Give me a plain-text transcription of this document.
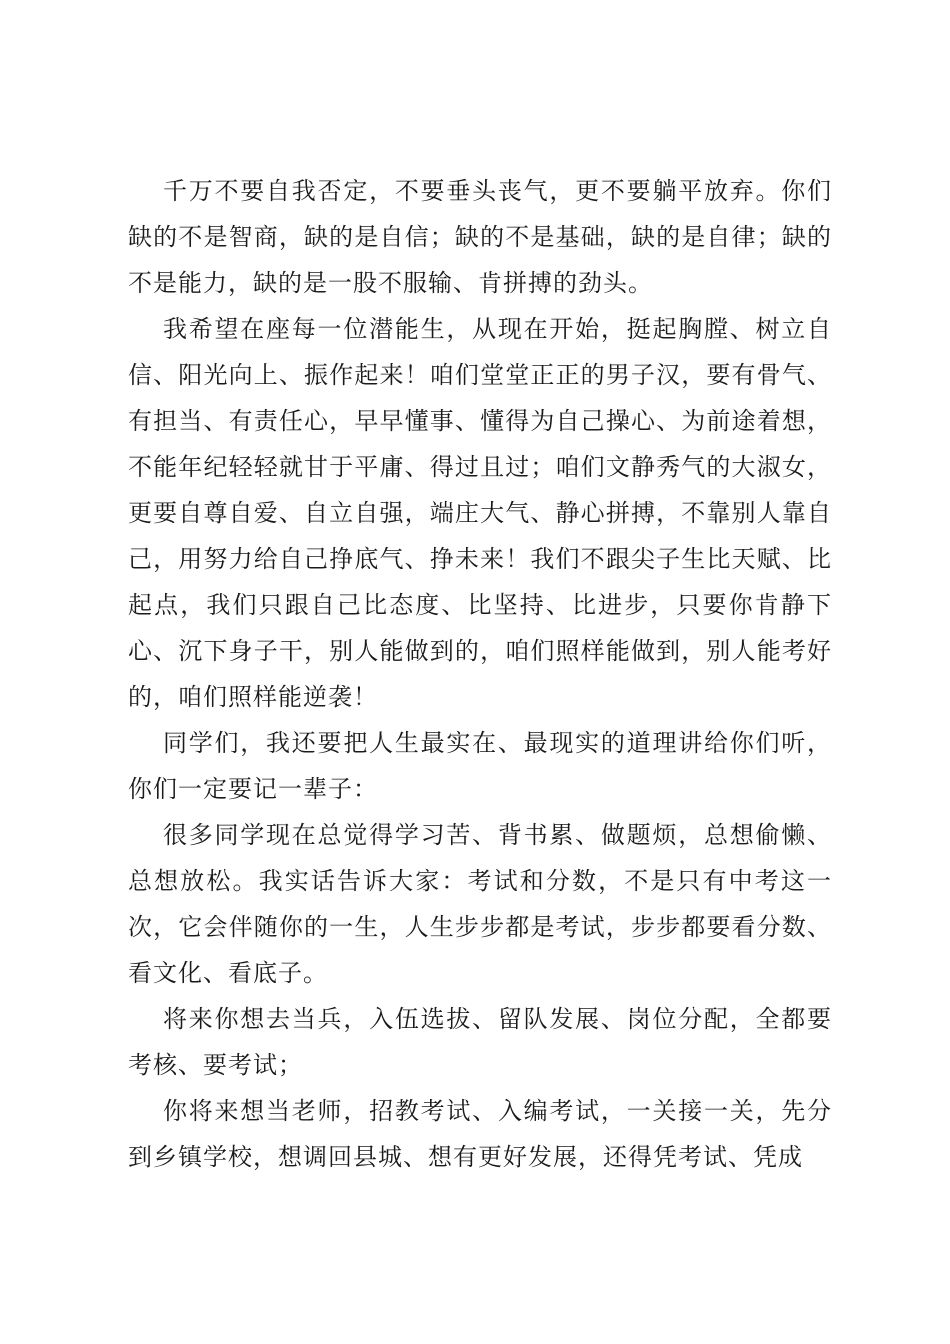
千万不要自我否定，不要垂头丧气，更不要躺平放弃。你们缺的不是智商，缺的是自信；缺的不是基础，缺的是自律；缺的不是能力，缺的是一股不服输、肯拼搏的劲头。

我希望在座每一位潜能生，从现在开始，挺起胸膛、树立自信、阳光向上、振作起来！咱们堂堂正正的男子汉，要有骨气、有担当、有责任心，早早懂事、懂得为自己操心、为前途着想，不能年纪轻轻就甘于平庸、得过且过；咱们文静秀气的大淑女，更要自尊自爱、自立自强，端庄大气、静心拼搏，不靠别人靠自己，用努力给自己挣底气、挣未来！我们不跟尖子生比天赋、比起点，我们只跟自己比态度、比坚持、比进步，只要你肯静下心、沉下身子干，别人能做到的，咱们照样能做到，别人能考好的，咱们照样能逆袭！

同学们，我还要把人生最实在、最现实的道理讲给你们听，你们一定要记一辈子：

很多同学现在总觉得学习苦、背书累、做题烦，总想偷懒、总想放松。我实话告诉大家：考试和分数，不是只有中考这一次，它会伴随你的一生，人生步步都是考试，步步都要看分数、看文化、看底子。

将来你想去当兵，入伍选拔、留队发展、岗位分配，全都要考核、要考试；

你将来想当老师，招教考试、入编考试，一关接一关，先分到乡镇学校，想调回县城、想有更好发展，还得凭考试、凭成
